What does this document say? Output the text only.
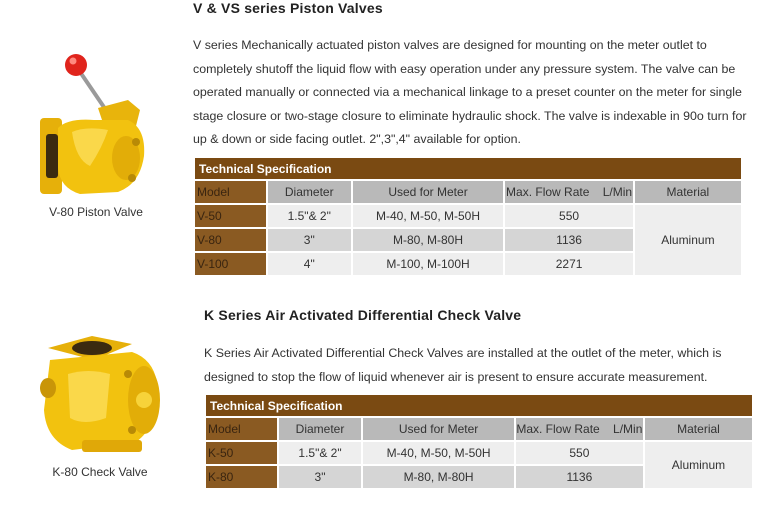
V & VS series Piston Valves
V series Mechanically actuated piston valves are designed for mounting on the meter outlet to completely shutoff the liquid flow with easy operation under any pressure system. The valve can be operated manually or connected via a mechanical linkage to a preset counter on the meter for single stage closure or two-stage closure to eliminate hydraulic shock. The valve is indexable in 90o turn for up & down or side facing outlet. 2",3",4" available for option.
V-80 Piston Valve
Technical Specification				
Model	Diameter	Used for Meter	Max. Flow Rate    L/Min	Material
V-50	1.5"& 2"	M-40, M-50, M-50H	550	Aluminum
V-80	3"	M-80, M-80H	1136	
V-100	4"	M-100, M-100H	2271	
K Series Air Activated Differential Check Valve
K Series Air Activated Differential Check Valves are installed at the outlet of the meter, which is designed to stop the flow of liquid whenever air is present to ensure accurate measurement.
K-80 Check Valve
Technical Specification				
Model	Diameter	Used for Meter	Max. Flow Rate    L/Min	Material
K-50	1.5"& 2"	M-40, M-50, M-50H	550	Aluminum
K-80	3"	M-80, M-80H	1136	
